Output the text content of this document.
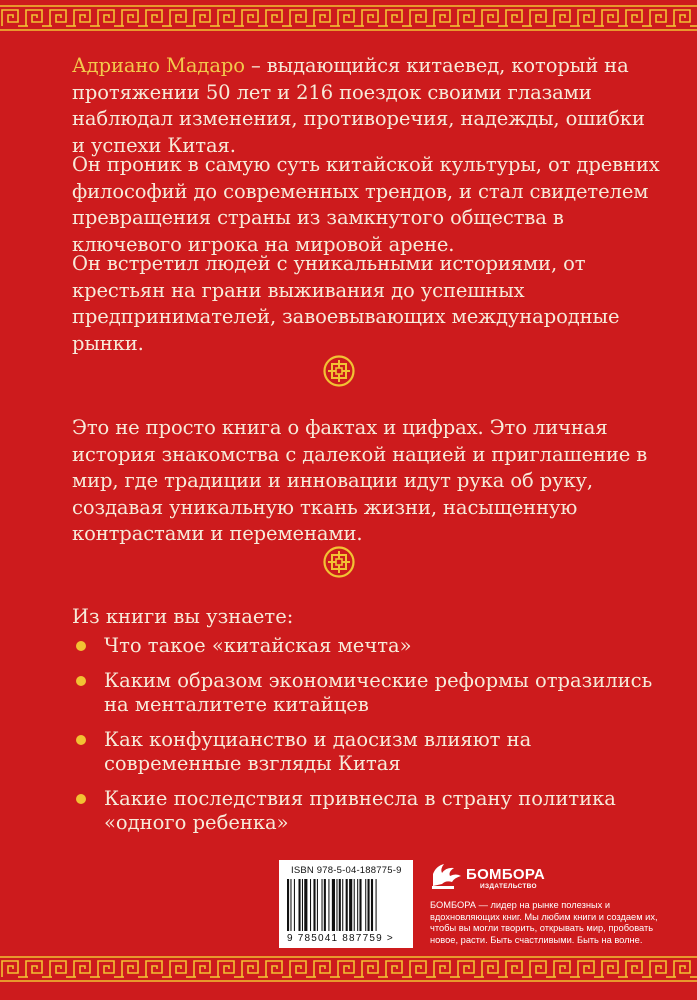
Адриано Мадаро – выдающийся китаевед, который на протяжении 50 лет и 216 поездок своими глазами наблюдал изменения, противоречия, надежды, ошибки и успехи Китая.

Он проник в самую суть китайской культуры, от древних философий до современных трендов, и стал свидетелем превращения страны из замкнутого общества в ключевого игрока на мировой арене.

Он встретил людей с уникальными историями, от крестьян на грани выживания до успешных предпринимателей, завоевывающих международные рынки.

Это не просто книга о фактах и цифрах. Это личная история знакомства с далекой нацией и приглашение в мир, где традиции и инновации идут рука об руку, создавая уникальную ткань жизни, насыщенную контрастами и переменами.

Из книги вы узнаете:

Что такое «китайская мечта»
Каким образом экономические реформы отразились на менталитете китайцев
Как конфуцианство и даосизм влияют на современные взгляды Китая
Какие последствия привнесла в страну политика «одного ребенка»
ISBN 978-5-04-188775-9
9 785041 887759 >
БОМБОРА
ИЗДАТЕЛЬСТВО
БОМБОРА — лидер на рынке полезных и вдохновляющих книг. Мы любим книги и создаем их, чтобы вы могли творить, открывать мир, пробовать новое, расти. Быть счастливыми. Быть на волне.
